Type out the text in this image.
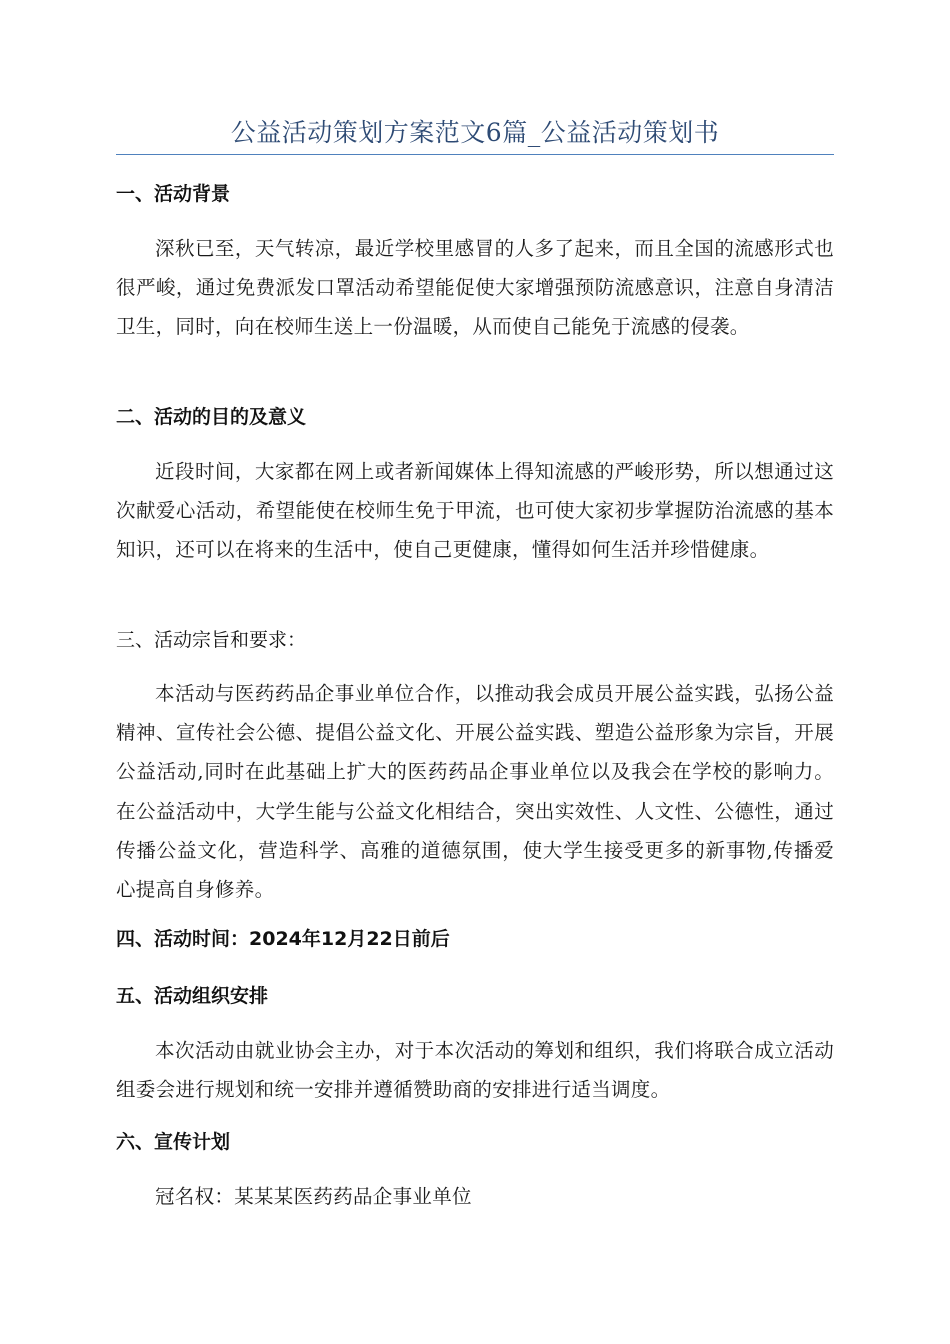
公益活动策划方案范文6篇_公益活动策划书
一、活动背景
深秋已至，天气转凉，最近学校里感冒的人多了起来，而且全国的流感形式也很严峻，通过免费派发口罩活动希望能促使大家增强预防流感意识，注意自身清洁卫生，同时，向在校师生送上一份温暖，从而使自己能免于流感的侵袭。
二、活动的目的及意义
近段时间，大家都在网上或者新闻媒体上得知流感的严峻形势，所以想通过这次献爱心活动，希望能使在校师生免于甲流，也可使大家初步掌握防治流感的基本知识，还可以在将来的生活中，使自己更健康，懂得如何生活并珍惜健康。
三、活动宗旨和要求：
本活动与医药药品企事业单位合作，以推动我会成员开展公益实践，弘扬公益精神、宣传社会公德、提倡公益文化、开展公益实践、塑造公益形象为宗旨，开展公益活动,同时在此基础上扩大的医药药品企事业单位以及我会在学校的影响力。在公益活动中，大学生能与公益文化相结合，突出实效性、人文性、公德性，通过传播公益文化，营造科学、高雅的道德氛围，使大学生接受更多的新事物,传播爱心提高自身修养。
四、活动时间：2024年12月22日前后
五、活动组织安排
本次活动由就业协会主办，对于本次活动的筹划和组织，我们将联合成立活动组委会进行规划和统一安排并遵循赞助商的安排进行适当调度。
六、宣传计划
冠名权：某某某医药药品企事业单位
